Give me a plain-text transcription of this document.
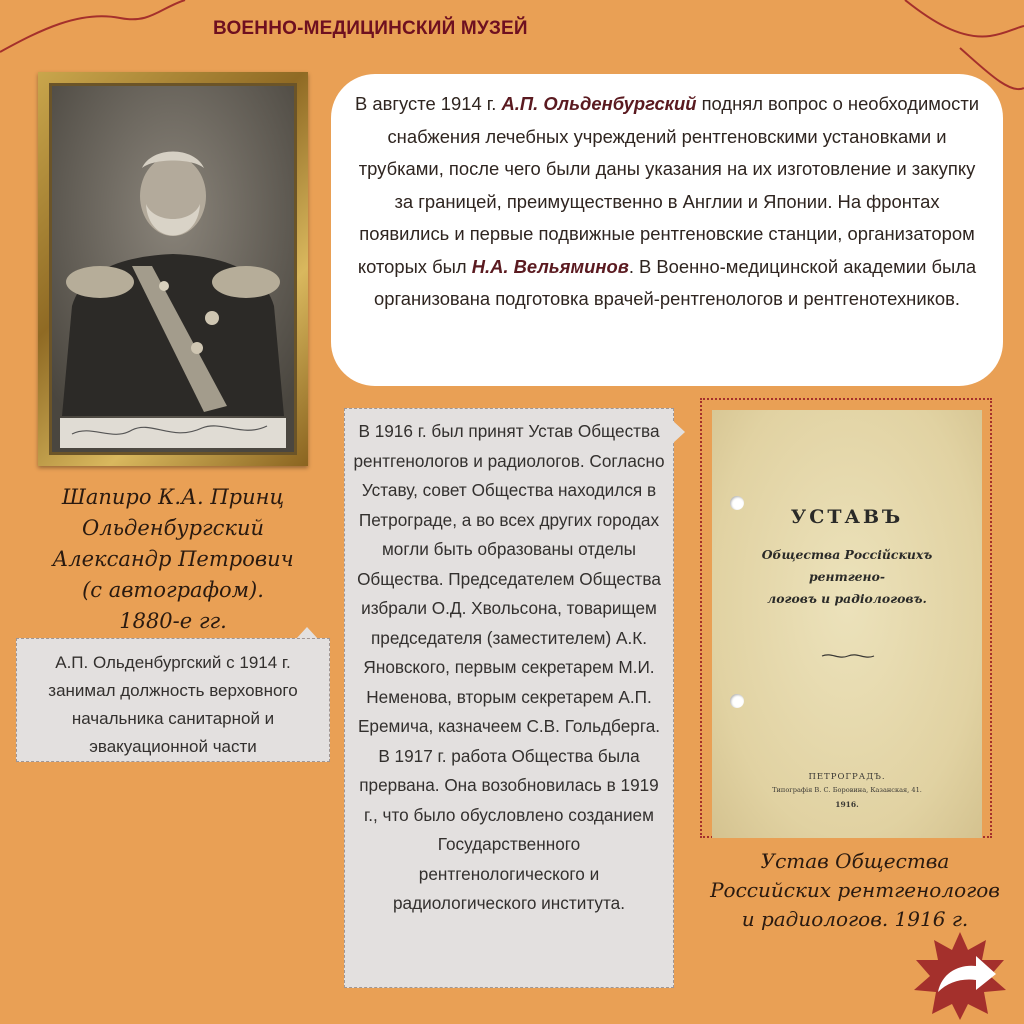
ВОЕННО-МЕДИЦИНСКИЙ МУЗЕЙ
Шапиро К.А. Принц
Ольденбургский
Александр Петрович
(с автографом).
1880-е гг.
В августе 1914 г. А.П. Ольденбургский поднял вопрос о необходимости снабжения лечебных учреждений рентгеновскими установками и трубками, после чего были даны указания на их изготовление и закупку за границей, преимущественно в Англии и Японии. На фронтах появились и первые подвижные рентгеновские станции, организатором которых был Н.А. Вельяминов. В Военно-медицинской академии была организована подготовка врачей-рентгенологов и рентгенотехников.
А.П. Ольденбургский с 1914 г. занимал должность верховного начальника санитарной и эвакуационной части
В 1916 г. был принят Устав Общества рентгенологов и радиологов. Согласно Уставу, совет Общества находился в Петрограде, а во всех других городах могли быть образованы отделы Общества. Председателем Общества избрали О.Д. Хвольсона, товарищем председателя (заместителем) А.К. Яновского, первым секретарем М.И. Неменова, вторым секретарем А.П. Еремича, казначеем С.В. Гольдберга. В 1917 г. работа Общества была прервана. Она возобновилась в 1919 г., что было обусловлено созданием Государственного рентгенологического и радиологического института.
УСТАВЪ
Общества Россійскихъ рентгено-
логовъ и радіологовъ.
ПЕТРОГРАДЪ.
Типографія В. С. Боровина, Казанская, 41.
1916.
Устав Общества
Российских рентгенологов
и радиологов. 1916 г.
